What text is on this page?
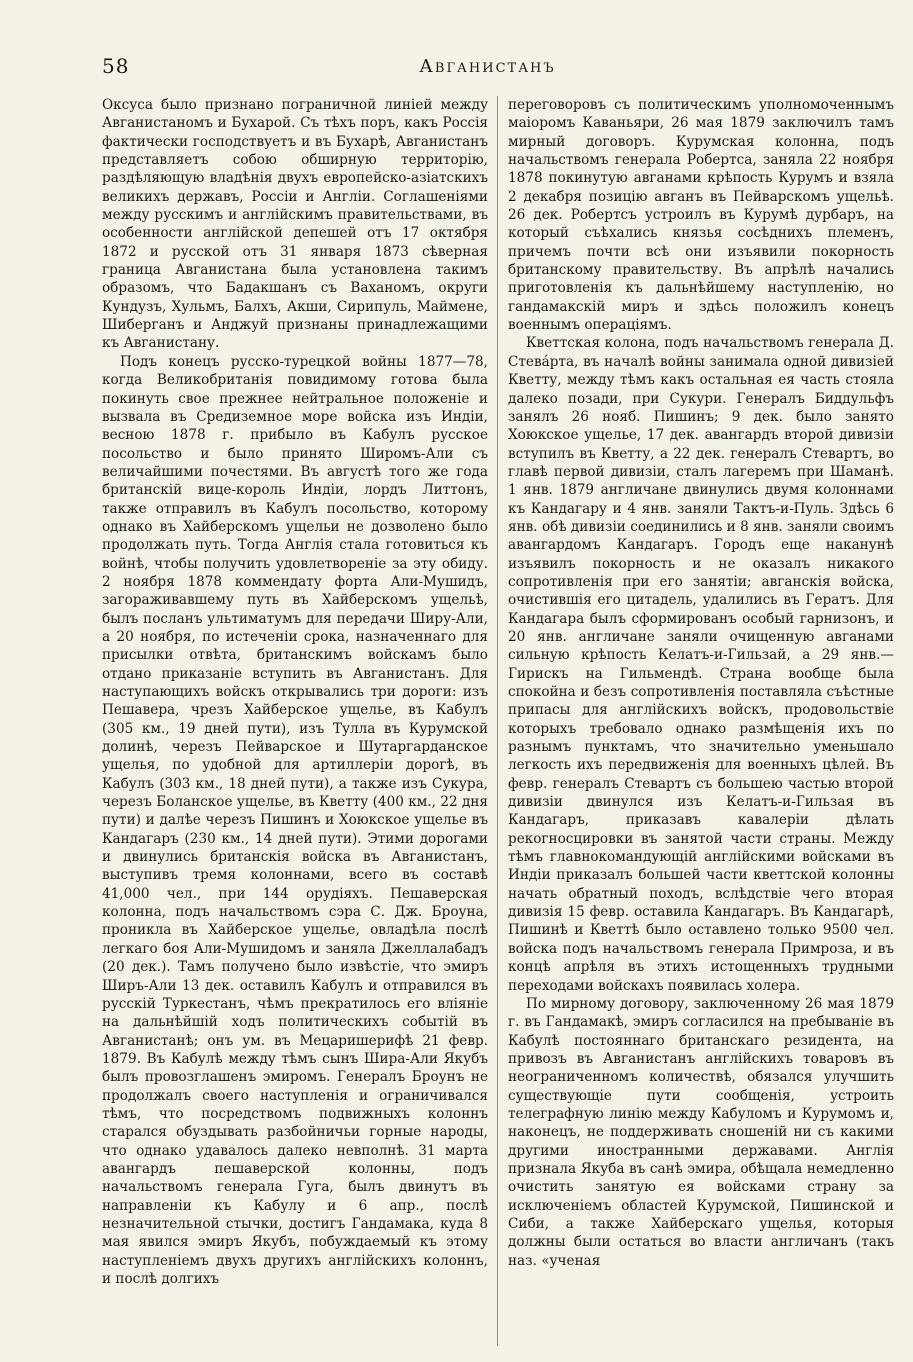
58	Авганистанъ

Оксуса было признано пограничной линіей между Авганистаномъ и Бухарой. Съ тѣхъ поръ, какъ Россія фактически господствуетъ и въ Бухарѣ, Авганистанъ представляетъ собою обширную территорію, раздѣляющую владѣнія двухъ европейско-азіатскихъ великихъ державъ, Россіи и Англіи. Соглашеніями между русскимъ и англійскимъ правительствами, въ особенности англійской депешей отъ 17 октября 1872 и русской отъ 31 января 1873 сѣверная граница Авганистана была установлена такимъ образомъ, что Бадакшанъ съ Ваханомъ, округи Кундузъ, Хульмъ, Балхъ, Акши, Сирипуль, Маймене, Шиберганъ и Анджуй признаны принадлежащими къ Авганистану.

Подъ конецъ русско-турецкой войны 1877—78, когда Великобританія повидимому готова была покинуть свое прежнее нейтральное положеніе и вызвала въ Средиземное море войска изъ Индіи, весною 1878 г. прибыло въ Кабулъ русское посольство и было принято Широмъ-Али съ величайшими почестями. Въ августѣ того же года британскій вице-король Индіи, лордъ Литтонъ, также отправилъ въ Кабулъ посольство, которому однако въ Хайберскомъ ущельи не дозволено было продолжать путь. Тогда Англія стала готовиться къ войнѣ, чтобы получить удовлетвореніе за эту обиду. 2 ноября 1878 коммендату форта Али-Мушидъ, загораживавшему путь въ Хайберскомъ ущельѣ, былъ посланъ ультиматумъ для передачи Ширу-Али, а 20 ноября, по истеченіи срока, назначеннаго для присылки отвѣта, британскимъ войскамъ было отдано приказаніе вступить въ Авганистанъ. Для наступающихъ войскъ открывались три дороги: изъ Пешавера, чрезъ Хайберское ущелье, въ Кабулъ (305 км., 19 дней пути), изъ Тулла въ Курумской долинѣ, черезъ Пейварское и Шутаргарданское ущелья, по удобной для артиллеріи дорогѣ, въ Кабулъ (303 км., 18 дней пути), а также изъ Сукура, черезъ Боланское ущелье, въ Кветту (400 км., 22 дня пути) и далѣе черезъ Пишинъ и Хоюкское ущелье въ Кандагаръ (230 км., 14 дней пути). Этими дорогами и двинулись британскія войска въ Авганистанъ, выступивъ тремя колоннами, всего въ составѣ 41,000 чел., при 144 орудіяхъ. Пешаверская колонна, подъ начальствомъ сэра С. Дж. Броуна, проникла въ Хайберское ущелье, овладѣла послѣ легкаго боя Али-Мушидомъ и заняла Джеллалабадъ (20 дек.). Тамъ получено было извѣстіе, что эмиръ Ширъ-Али 13 дек. оставилъ Кабулъ и отправился въ русскій Туркестанъ, чѣмъ прекратилось его вліяніе на дальнѣйшій ходъ политическихъ событій въ Авганистанѣ; онъ ум. въ Мецаришерифѣ 21 февр. 1879. Въ Кабулѣ между тѣмъ сынъ Шира-Али Якубъ былъ провозглашенъ эмиромъ. Генералъ Броунъ не продолжалъ своего наступленія и ограничивался тѣмъ, что посредствомъ подвижныхъ колоннъ старался обуздывать разбойничьи горные народы, что однако удавалось далеко невполнѣ. 31 марта авангардъ пешаверской колонны, подъ начальствомъ генерала Гуга, былъ двинутъ въ направленіи къ Кабулу и 6 апр., послѣ незначительной стычки, достигъ Гандамака, куда 8 мая явился эмиръ Якубъ, побуждаемый къ этому наступленіемъ двухъ другихъ англійскихъ колоннъ, и послѣ долгихъ

переговоровъ съ политическимъ уполномоченнымъ маіоромъ Каваньяри, 26 мая 1879 заключилъ тамъ мирный договоръ. Курумская колонна, подъ начальствомъ генерала Робертса, заняла 22 ноября 1878 покинутую авганами крѣпость Курумъ и взяла 2 декабря позицію авганъ въ Пейварскомъ ущельѣ. 26 дек. Робертсъ устроилъ въ Курумѣ дурбаръ, на который съѣхались князья сосѣднихъ племенъ, причемъ почти всѣ они изъявили покорность британскому правительству. Въ апрѣлѣ начались приготовленія къ дальнѣйшему наступленію, но гандамакскій миръ и здѣсь положилъ конецъ военнымъ операціямъ.

Кветтская колона, подъ начальствомъ генерала Д. Стевáрта, въ началѣ войны занимала одной дивизіей Кветту, между тѣмъ какъ остальная ея часть стояла далеко позади, при Сукури. Генералъ Биддульфъ занялъ 26 нояб. Пишинъ; 9 дек. было занято Хоюкское ущелье, 17 дек. авангардъ второй дивизіи вступилъ въ Кветту, а 22 дек. генералъ Стевартъ, во главѣ первой дивизіи, сталъ лагеремъ при Шаманѣ. 1 янв. 1879 англичане двинулись двумя колоннами къ Кандагару и 4 янв. заняли Тактъ-и-Пуль. Здѣсь 6 янв. обѣ дивизіи соединились и 8 янв. заняли своимъ авангардомъ Кандагаръ. Городъ еще наканунѣ изъявилъ покорность и не оказалъ никакого сопротивленія при его занятіи; авганскія войска, очистившія его цитадель, удалились въ Гератъ. Для Кандагара былъ сформированъ особый гарнизонъ, и 20 янв. англичане заняли очищенную авганами сильную крѣпость Келатъ-и-Гильзай, а 29 янв.—Гирискъ на Гильмендѣ. Страна вообще была спокойна и безъ сопротивленія поставляла съѣстные припасы для англійскихъ войскъ, продовольствіе которыхъ требовало однако размѣщенія ихъ по разнымъ пунктамъ, что значительно уменьшало легкость ихъ передвиженія для военныхъ цѣлей. Въ февр. генералъ Стевартъ съ большею частью второй дивизіи двинулся изъ Келатъ-и-Гильзая въ Кандагаръ, приказавъ кавалеріи дѣлать рекогносцировки въ занятой части страны. Между тѣмъ главнокомандующій англійскими войсками въ Индіи приказалъ большей части кветтской колонны начать обратный походъ, вслѣдствіе чего вторая дивизія 15 февр. оставила Кандагаръ. Въ Кандагарѣ, Пишинѣ и Кветтѣ было оставлено только 9500 чел. войска подъ начальствомъ генерала Примроза, и въ концѣ апрѣля въ этихъ истощенныхъ трудными переходами войскахъ появилась холера.

По мирному договору, заключенному 26 мая 1879 г. въ Гандамакѣ, эмиръ согласился на пребываніе въ Кабулѣ постояннаго британскаго резидента, на привозъ въ Авганистанъ англійскихъ товаровъ въ неограниченномъ количествѣ, обязался улучшить существующіе пути сообщенія, устроить телеграфную линію между Кабуломъ и Курумомъ и, наконецъ, не поддерживать сношеній ни съ какими другими иностранными державами. Англія признала Якуба въ санѣ эмира, обѣщала немедленно очистить занятую ея войсками страну за исключеніемъ областей Курумской, Пишинской и Сиби, а также Хайберскаго ущелья, которыя должны были остаться во власти англичанъ (такъ наз. «ученая
